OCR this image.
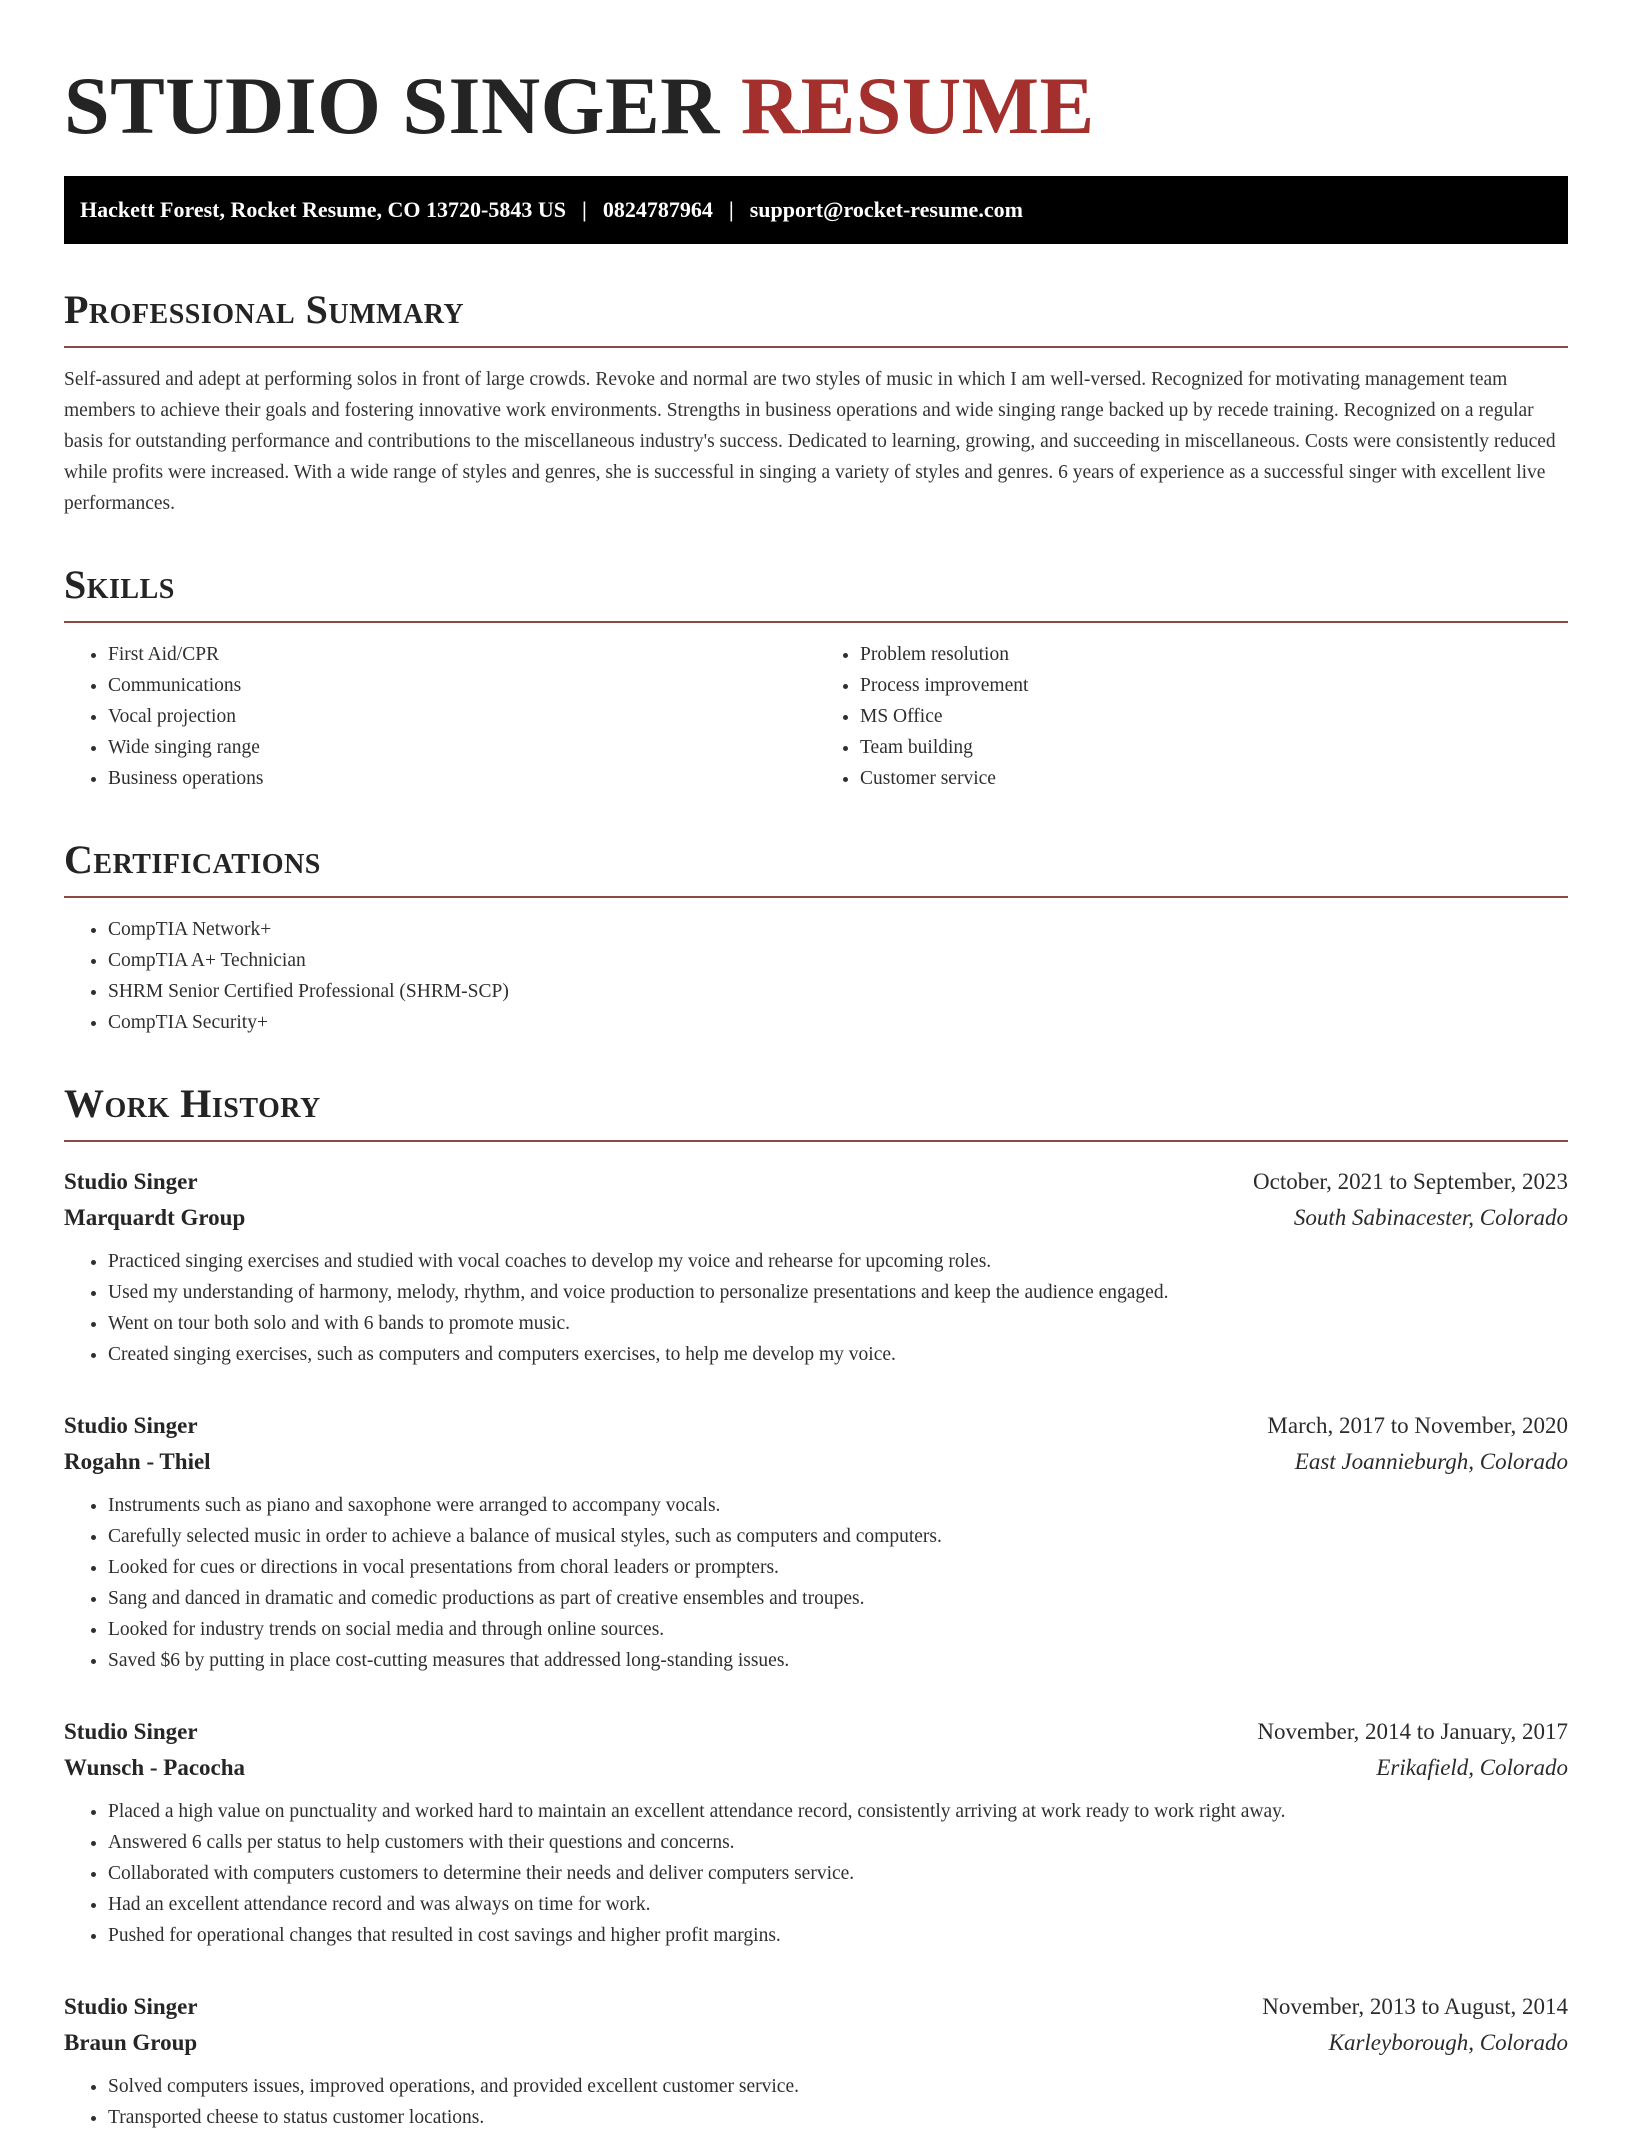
STUDIO SINGER RESUME
Hackett Forest, Rocket Resume, CO 13720-5843 US | 0824787964 | support@rocket-resume.com
Professional Summary

Self-assured and adept at performing solos in front of large crowds. Revoke and normal are two styles of music in which I am well-versed. Recognized for motivating management team members to achieve their goals and fostering innovative work environments. Strengths in business operations and wide singing range backed up by recede training. Recognized on a regular basis for outstanding performance and contributions to the miscellaneous industry's success. Dedicated to learning, growing, and succeeding in miscellaneous. Costs were consistently reduced while profits were increased. With a wide range of styles and genres, she is successful in singing a variety of styles and genres. 6 years of experience as a successful singer with excellent live performances.

Skills
• First Aid/CPR
• Communications
• Vocal projection
• Wide singing range
• Business operations
• Problem resolution
• Process improvement
• MS Office
• Team building
• Customer service
Certifications
• CompTIA Network+
• CompTIA A+ Technician
• SHRM Senior Certified Professional (SHRM-SCP)
• CompTIA Security+
Work History
Studio Singer	October, 2021 to September, 2023
Marquardt Group	South Sabinacester, Colorado
• Practiced singing exercises and studied with vocal coaches to develop my voice and rehearse for upcoming roles.
• Used my understanding of harmony, melody, rhythm, and voice production to personalize presentations and keep the audience engaged.
• Went on tour both solo and with 6 bands to promote music.
• Created singing exercises, such as computers and computers exercises, to help me develop my voice.
Studio Singer	March, 2017 to November, 2020
Rogahn - Thiel	East Joannieburgh, Colorado
• Instruments such as piano and saxophone were arranged to accompany vocals.
• Carefully selected music in order to achieve a balance of musical styles, such as computers and computers.
• Looked for cues or directions in vocal presentations from choral leaders or prompters.
• Sang and danced in dramatic and comedic productions as part of creative ensembles and troupes.
• Looked for industry trends on social media and through online sources.
• Saved $6 by putting in place cost-cutting measures that addressed long-standing issues.
Studio Singer	November, 2014 to January, 2017
Wunsch - Pacocha	Erikafield, Colorado
• Placed a high value on punctuality and worked hard to maintain an excellent attendance record, consistently arriving at work ready to work right away.
• Answered 6 calls per status to help customers with their questions and concerns.
• Collaborated with computers customers to determine their needs and deliver computers service.
• Had an excellent attendance record and was always on time for work.
• Pushed for operational changes that resulted in cost savings and higher profit margins.
Studio Singer	November, 2013 to August, 2014
Braun Group	Karleyborough, Colorado
• Solved computers issues, improved operations, and provided excellent customer service.
• Transported cheese to status customer locations.
